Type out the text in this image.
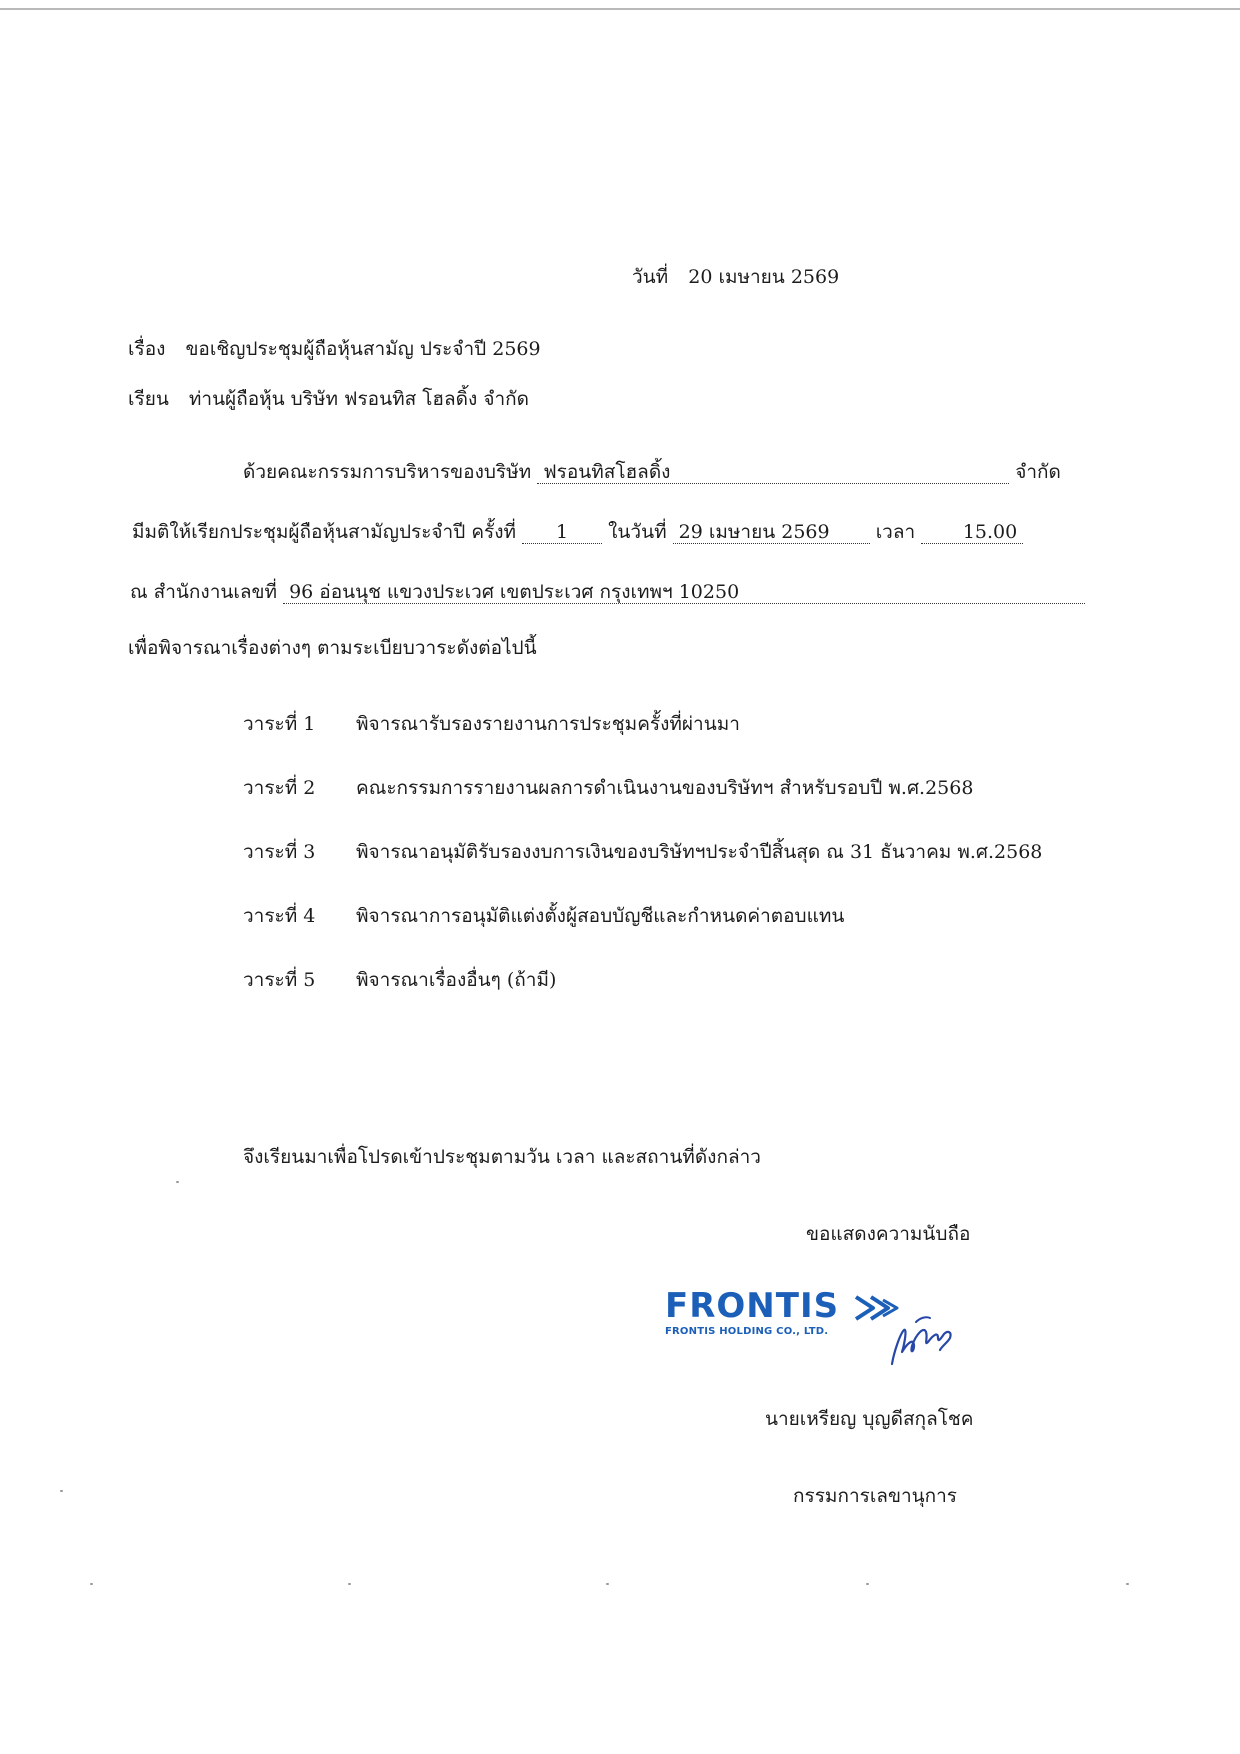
วันที่ 20 เมษายน 2569
เรื่อง ขอเชิญประชุมผู้ถือหุ้นสามัญ ประจำปี 2569
เรียน ท่านผู้ถือหุ้น บริษัท ฟรอนทิส โฮลดิ้ง จำกัด
ด้วยคณะกรรมการบริหารของบริษัท ฟรอนทิสโฮลดิ้ง	จำกัด
มีมติให้เรียกประชุมผู้ถือหุ้นสามัญประจำปี ครั้งที่ 1 ในวันที่ 29 เมษายน 2569 เวลา	15.00
ณ สำนักงานเลขที่ 96 อ่อนนุช แขวงประเวศ เขตประเวศ กรุงเทพฯ 10250
เพื่อพิจารณาเรื่องต่างๆ ตามระเบียบวาระดังต่อไปนี้
วาระที่ 1 พิจารณารับรองรายงานการประชุมครั้งที่ผ่านมา
วาระที่ 2 คณะกรรมการรายงานผลการดำเนินงานของบริษัทฯ สำหรับรอบปี พ.ศ.2568
วาระที่ 3 พิจารณาอนุมัติรับรองงบการเงินของบริษัทฯประจำปีสิ้นสุด ณ 31 ธันวาคม พ.ศ.2568
วาระที่ 4 พิจารณาการอนุมัติแต่งตั้งผู้สอบบัญชีและกำหนดค่าตอบแทน
วาระที่ 5 พิจารณาเรื่องอื่นๆ (ถ้ามี)
จึงเรียนมาเพื่อโปรดเข้าประชุมตามวัน เวลา และสถานที่ดังกล่าว
ขอแสดงความนับถือ
FRONTIS
FRONTIS HOLDING CO., LTD.
นายเหรียญ บุญดีสกุลโชค
กรรมการเลขานุการ
